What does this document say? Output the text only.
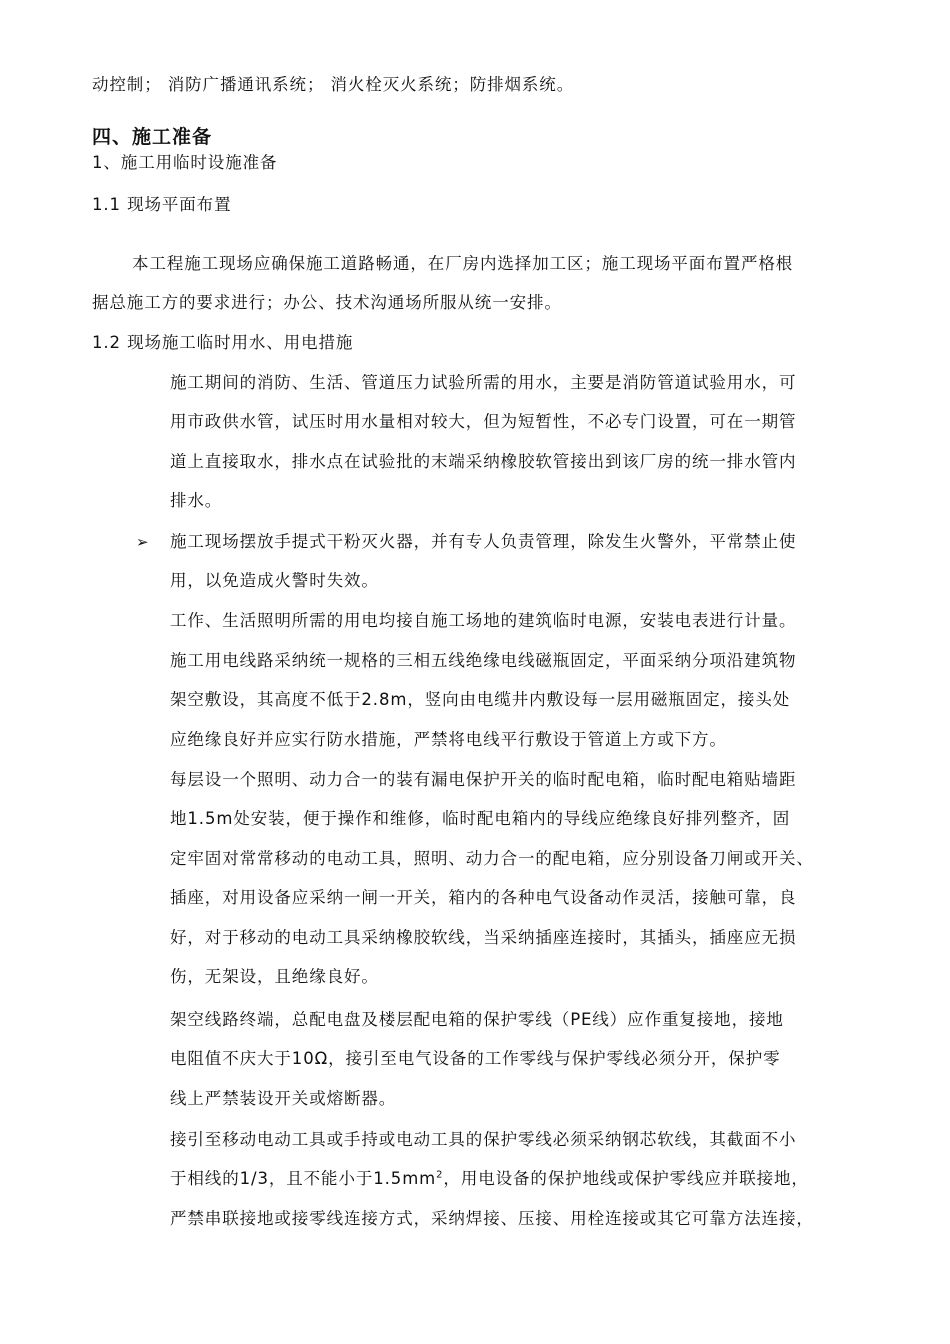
动控制； 消防广播通讯系统； 消火栓灭火系统；防排烟系统。
四、施工准备
1、施工用临时设施准备
1.1 现场平面布置
本工程施工现场应确保施工道路畅通，在厂房内选择加工区；施工现场平面布置严格根
据总施工方的要求进行；办公、技术沟通场所服从统一安排。
1.2 现场施工临时用水、用电措施
施工期间的消防、生活、管道压力试验所需的用水，主要是消防管道试验用水，可
用市政供水管，试压时用水量相对较大，但为短暂性，不必专门设置，可在一期管
道上直接取水，排水点在试验批的末端采纳橡胶软管接出到该厂房的统一排水管内
排水。
➢ 施工现场摆放手提式干粉灭火器，并有专人负责管理，除发生火警外，平常禁止使
用，以免造成火警时失效。
工作、生活照明所需的用电均接自施工场地的建筑临时电源，安装电表进行计量。
施工用电线路采纳统一规格的三相五线绝缘电线磁瓶固定，平面采纳分项沿建筑物
架空敷设，其高度不低于2.8m，竖向由电缆井内敷设每一层用磁瓶固定，接头处
应绝缘良好并应实行防水措施，严禁将电线平行敷设于管道上方或下方。
每层设一个照明、动力合一的装有漏电保护开关的临时配电箱，临时配电箱贴墙距
地1.5m处安装，便于操作和维修，临时配电箱内的导线应绝缘良好排列整齐，固
定牢固对常常移动的电动工具，照明、动力合一的配电箱，应分别设备刀闸或开关、
插座，对用设备应采纳一闸一开关，箱内的各种电气设备动作灵活，接触可靠，良
好，对于移动的电动工具采纳橡胶软线，当采纳插座连接时，其插头，插座应无损
伤，无架设，且绝缘良好。
架空线路终端，总配电盘及楼层配电箱的保护零线（PE线）应作重复接地，接地
电阻值不庆大于10Ω，接引至电气设备的工作零线与保护零线必须分开，保护零
线上严禁装设开关或熔断器。
接引至移动电动工具或手持或电动工具的保护零线必须采纳钢芯软线，其截面不小
于相线的1/3，且不能小于$1.5mm^2$，用电设备的保护地线或保护零线应并联接地，
严禁串联接地或接零线连接方式，采纳焊接、压接、用栓连接或其它可靠方法连接，
